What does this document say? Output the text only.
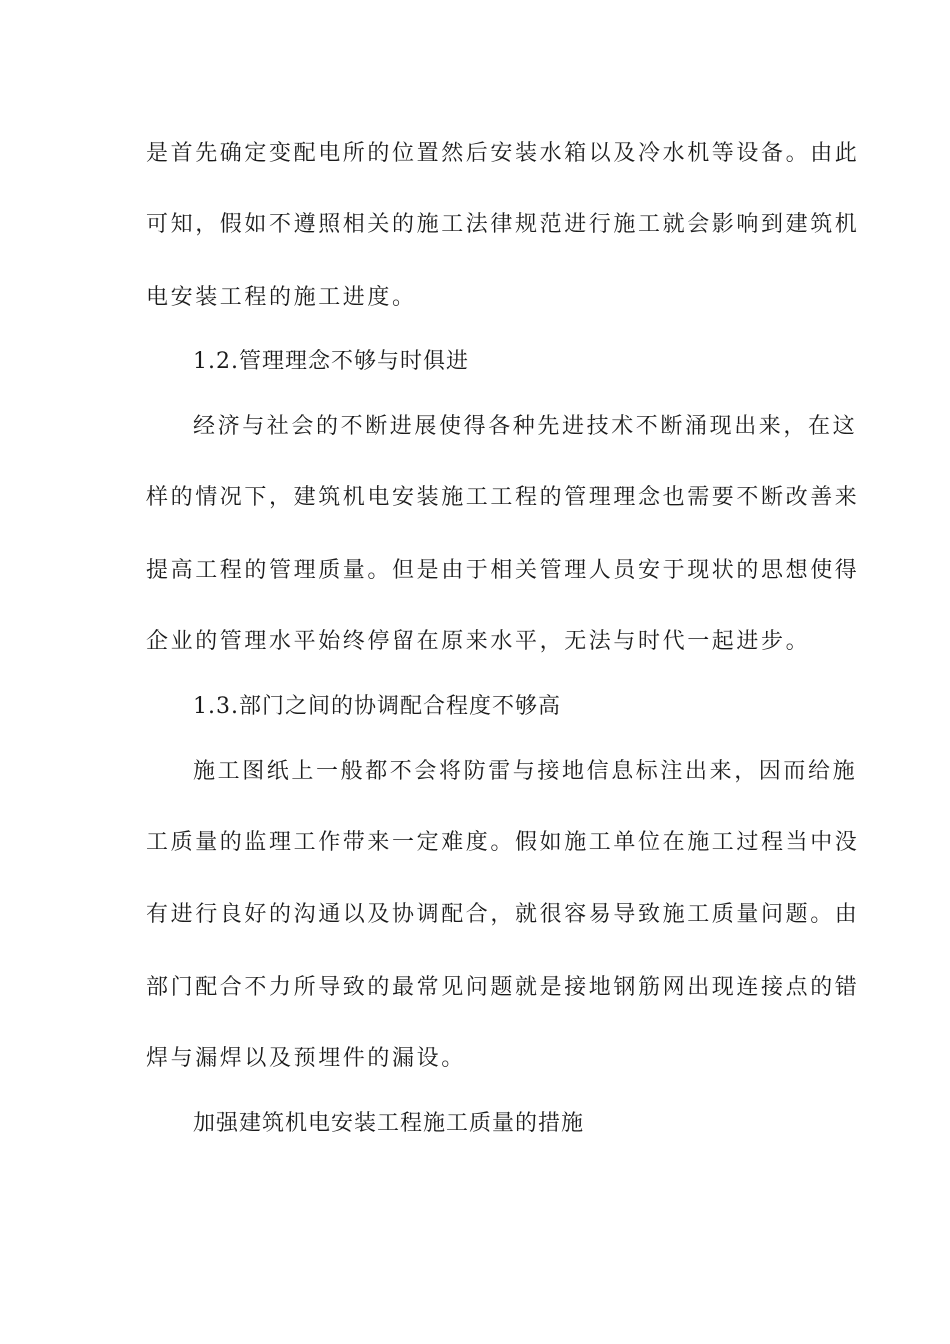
是首先确定变配电所的位置然后安装水箱以及冷水机等设备。由此
可知，假如不遵照相关的施工法律规范进行施工就会影响到建筑机
电安装工程的施工进度。
1.2.管理理念不够与时俱进
经济与社会的不断进展使得各种先进技术不断涌现出来，在这
样的情况下，建筑机电安装施工工程的管理理念也需要不断改善来
提高工程的管理质量。但是由于相关管理人员安于现状的思想使得
企业的管理水平始终停留在原来水平，无法与时代一起进步。
1.3.部门之间的协调配合程度不够高
施工图纸上一般都不会将防雷与接地信息标注出来，因而给施
工质量的监理工作带来一定难度。假如施工单位在施工过程当中没
有进行良好的沟通以及协调配合，就很容易导致施工质量问题。由
部门配合不力所导致的最常见问题就是接地钢筋网出现连接点的错
焊与漏焊以及预埋件的漏设。
加强建筑机电安装工程施工质量的措施
